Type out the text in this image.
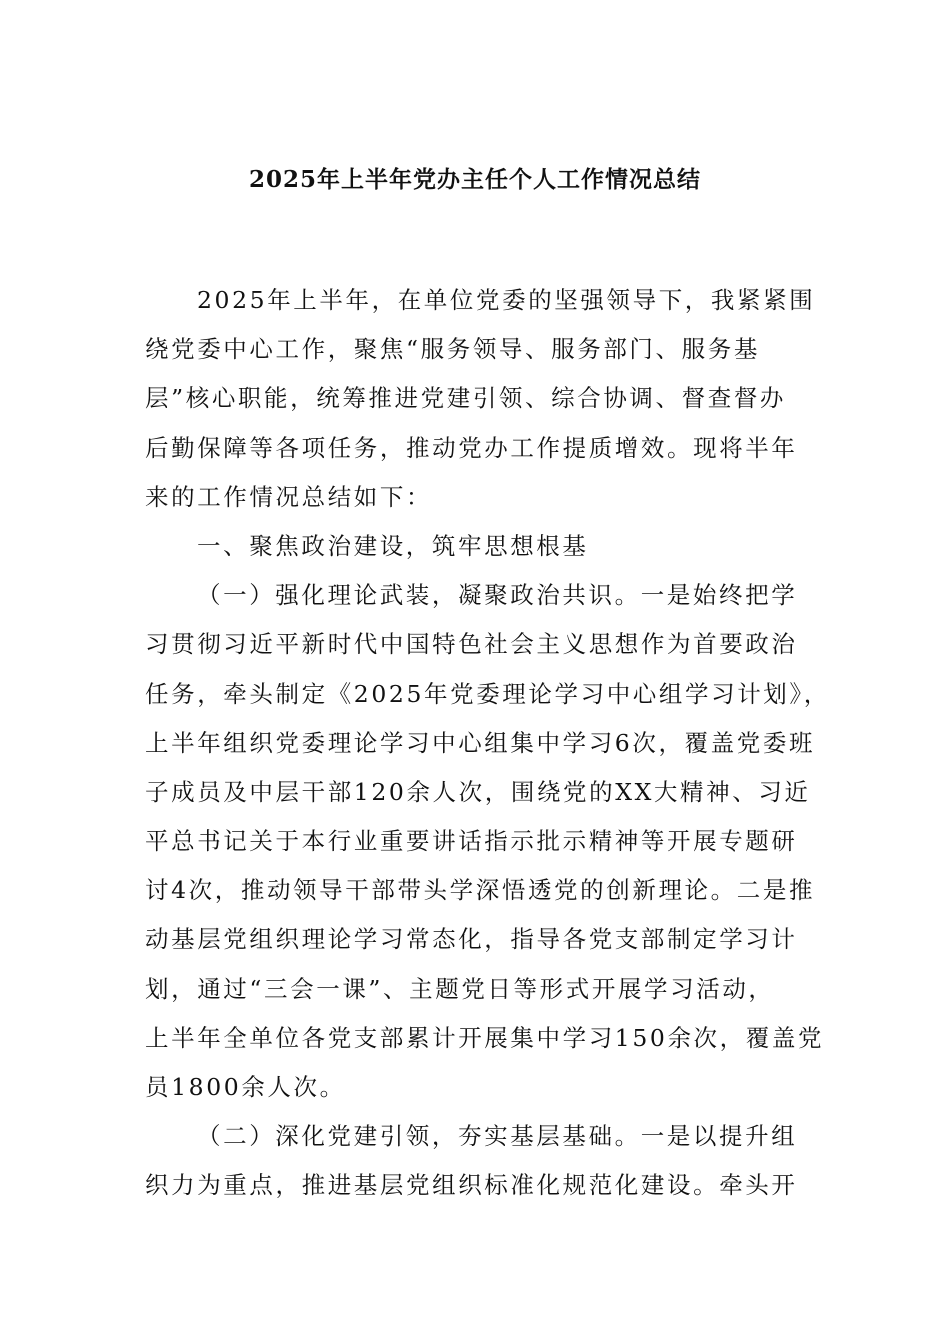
2025年上半年党办主任个人工作情况总结

2025年上半年，在单位党委的坚强领导下，我紧紧围
绕党委中心工作，聚焦“服务领导、服务部门、服务基
层”核心职能，统筹推进党建引领、综合协调、督查督办
后勤保障等各项任务，推动党办工作提质增效。现将半年
来的工作情况总结如下：

一、聚焦政治建设，筑牢思想根基

（一）强化理论武装，凝聚政治共识。一是始终把学
习贯彻习近平新时代中国特色社会主义思想作为首要政治
任务，牵头制定《2025年党委理论学习中心组学习计划》，
上半年组织党委理论学习中心组集中学习6次，覆盖党委班
子成员及中层干部120余人次，围绕党的XX大精神、习近
平总书记关于本行业重要讲话指示批示精神等开展专题研
讨4次，推动领导干部带头学深悟透党的创新理论。二是推
动基层党组织理论学习常态化，指导各党支部制定学习计
划，通过“三会一课”、主题党日等形式开展学习活动，
上半年全单位各党支部累计开展集中学习150余次，覆盖党
员1800余人次。

（二）深化党建引领，夯实基层基础。一是以提升组
织力为重点，推进基层党组织标准化规范化建设。牵头开
